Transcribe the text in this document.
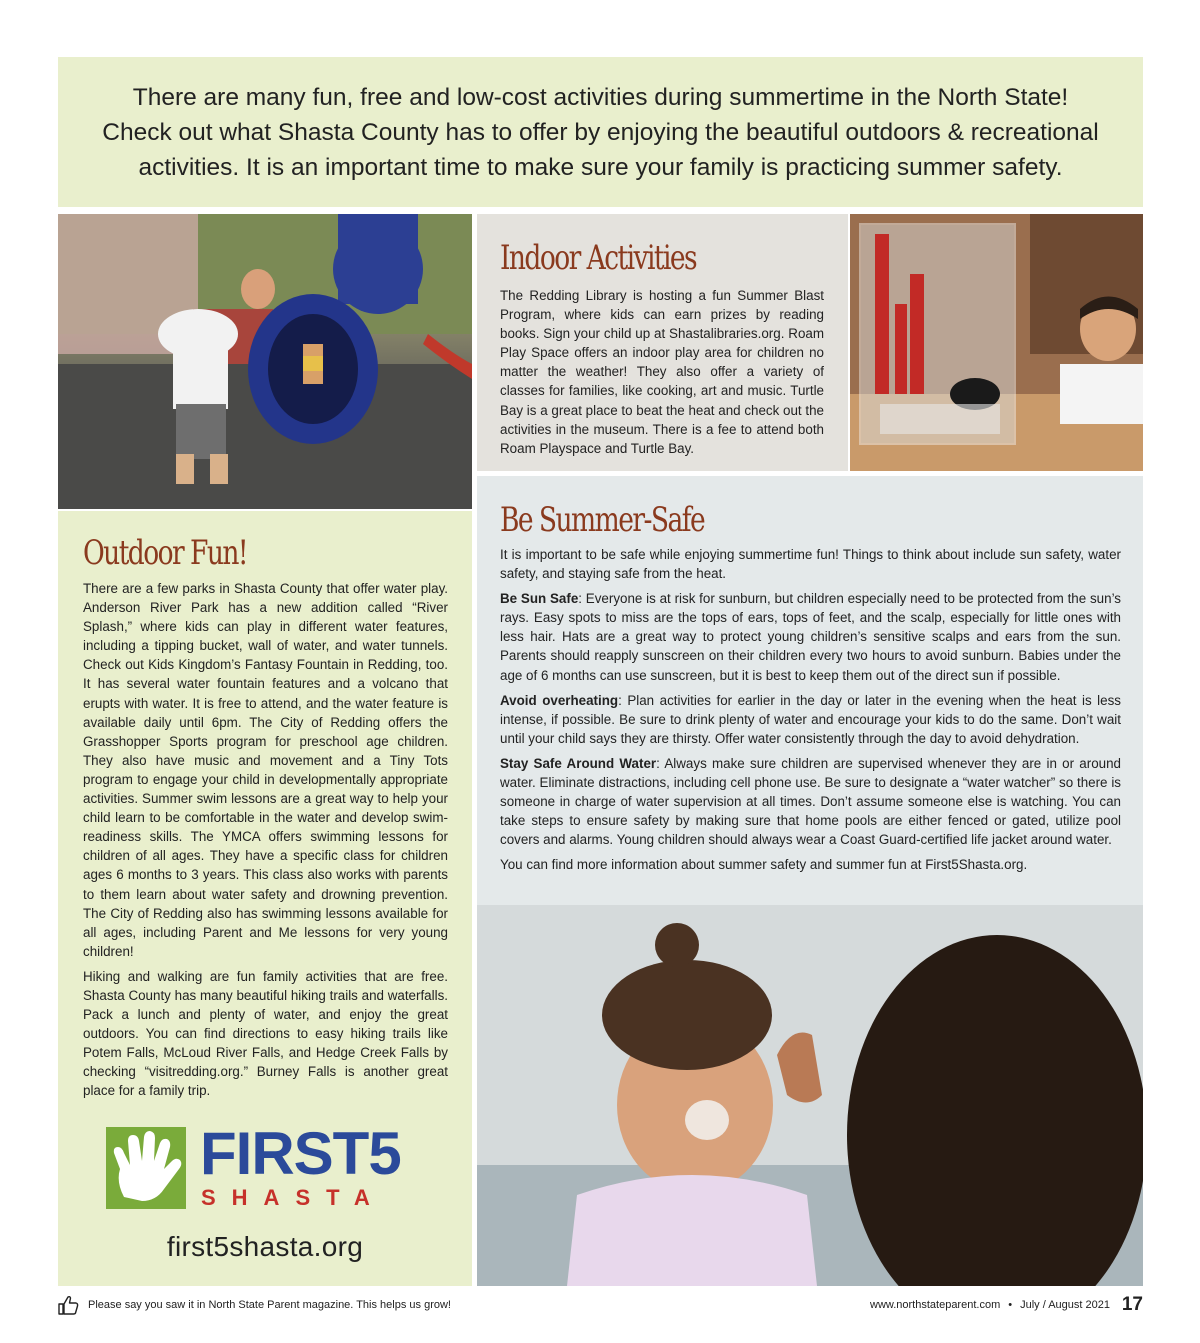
There are many fun, free and low-cost activities during summertime in the North State!

Check out what Shasta County has to offer by enjoying the beautiful outdoors & recreational

activities. It is an important time to make sure your family is practicing summer safety.

Indoor Activities

The Redding Library is hosting a fun Summer Blast Program, where kids can earn prizes by reading books. Sign your child up at Shastalibraries.org. Roam Play Space offers an indoor play area for children no matter the weather! They also offer a variety of classes for families, like cooking, art and music. Turtle Bay is a great place to beat the heat and check out the activities in the museum. There is a fee to attend both Roam Playspace and Turtle Bay.

Outdoor Fun!

There are a few parks in Shasta County that offer water play. Anderson River Park has a new addition called “River Splash,” where kids can play in different water features, including a tipping bucket, wall of water, and water tunnels. Check out Kids Kingdom’s Fantasy Fountain in Redding, too. It has several water fountain features and a volcano that erupts with water. It is free to attend, and the water feature is available daily until 6pm. The City of Redding offers the Grasshopper Sports program for preschool age children. They also have music and movement and a Tiny Tots program to engage your child in developmentally appropriate activities. Summer swim lessons are a great way to help your child learn to be comfortable in the water and develop swim-readiness skills. The YMCA offers swimming lessons for children of all ages. They have a specific class for children ages 6 months to 3 years. This class also works with parents to them learn about water safety and drowning prevention. The City of Redding also has swimming lessons available for all ages, including Parent and Me lessons for very young children!

Hiking and walking are fun family activities that are free. Shasta County has many beautiful hiking trails and waterfalls. Pack a lunch and plenty of water, and enjoy the great outdoors. You can find directions to easy hiking trails like Potem Falls, McLoud River Falls, and Hedge Creek Falls by checking “visitredding.org.” Burney Falls is another great place for a family trip.

FIRST5
SHASTA
first5shasta.org
Be Summer-Safe

It is important to be safe while enjoying summertime fun! Things to think about include sun safety, water safety, and staying safe from the heat.

Be Sun Safe: Everyone is at risk for sunburn, but children especially need to be protected from the sun’s rays. Easy spots to miss are the tops of ears, tops of feet, and the scalp, especially for little ones with less hair. Hats are a great way to protect young children’s sensitive scalps and ears from the sun. Parents should reapply sunscreen on their children every two hours to avoid sunburn. Babies under the age of 6 months can use sunscreen, but it is best to keep them out of the direct sun if possible.

Avoid overheating: Plan activities for earlier in the day or later in the evening when the heat is less intense, if possible. Be sure to drink plenty of water and encourage your kids to do the same. Don’t wait until your child says they are thirsty. Offer water consistently through the day to avoid dehydration.

Stay Safe Around Water: Always make sure children are supervised whenever they are in or around water. Eliminate distractions, including cell phone use. Be sure to designate a “water watcher” so there is someone in charge of water supervision at all times. Don’t assume someone else is watching. You can take steps to ensure safety by making sure that home pools are either fenced or gated, utilize pool covers and alarms. Young children should always wear a Coast Guard-certified life jacket around water.

You can find more information about summer safety and summer fun at First5Shasta.org.

Please say you saw it in North State Parent magazine. This helps us grow!	www.northstateparent.com • July / August 2021 17
